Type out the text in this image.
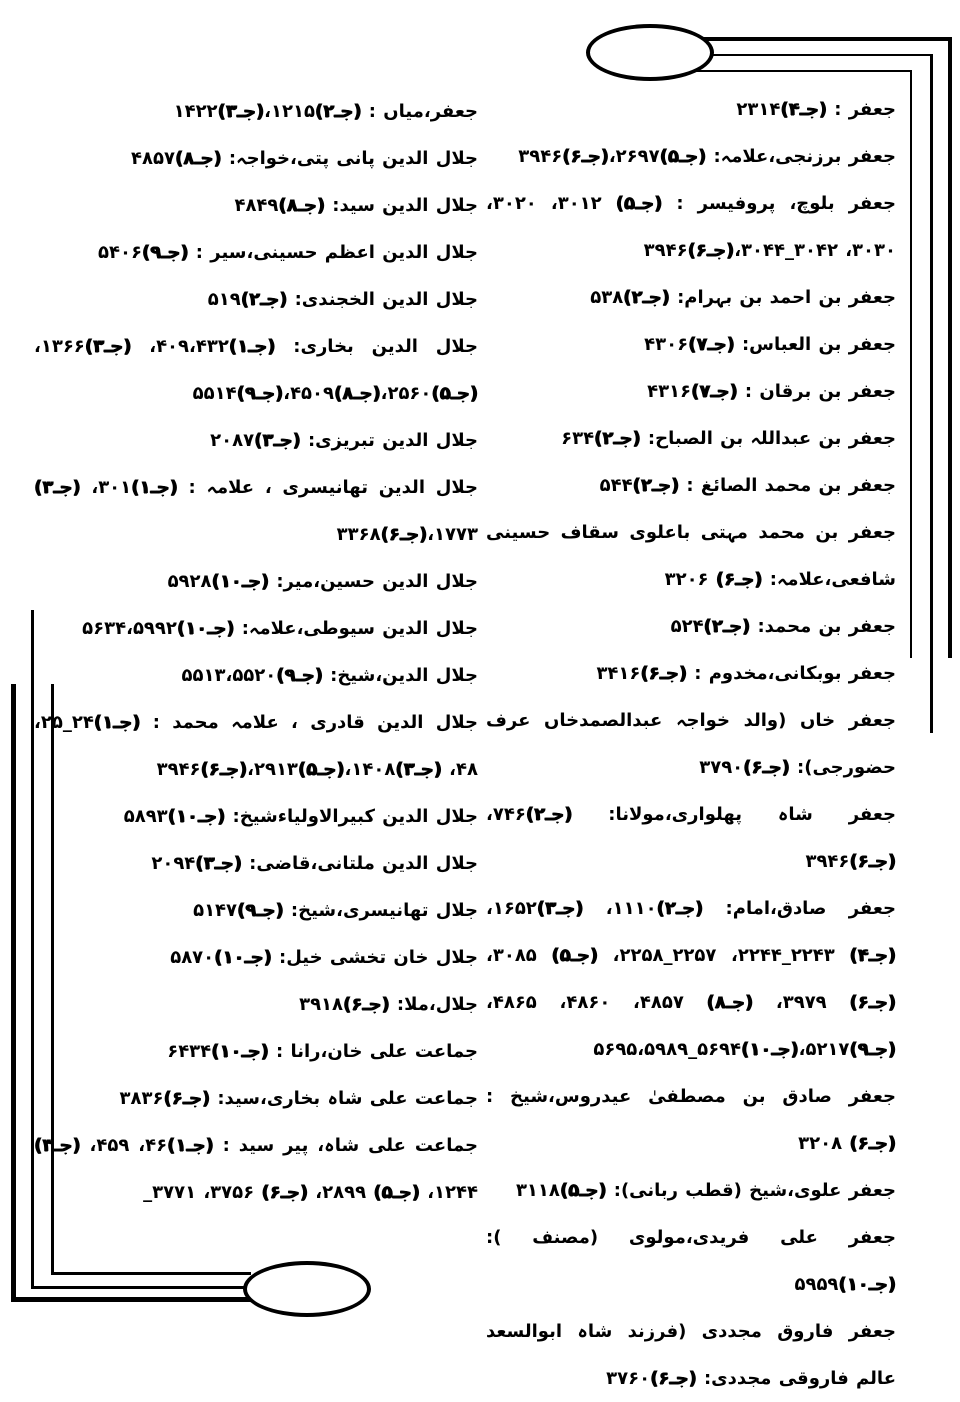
جعفر : (جـ۴)۲۳۱۴

جعفر برزنجی،علامہ: (جـ۵)۲۶۹۷،(جـ۶)۳۹۴۶

جعفر بلوچ، پروفیسر : (جـ۵) ۳۰۱۲، ۳۰۲۰، ۳۰۳۰، ۳۰۴۲_۳۰۴۴،(جـ۶)۳۹۴۶

جعفر بن احمد بن بہرام: (جـ۲)۵۳۸

جعفر بن العباس: (جـ۷)۴۳۰۶

جعفر بن برقان : (جـ۷)۴۳۱۶

جعفر بن عبداللہ بن الصباح: (جـ۲)۶۳۴

جعفر بن محمد الصائغ : (جـ۲)۵۴۴

جعفر بن محمد مہتی باعلوی سقاف حسینی شافعی،علامہ: (جـ۶) ۳۲۰۶

جعفر بن محمد: (جـ۲)۵۲۴

جعفر بوبکانی،مخدوم : (جـ۶)۳۴۱۶

جعفر خاں (والد خواجہ عبدالصمدخاں عرف حضورجی): (جـ۶)۳۷۹۰

جعفر شاہ پھلواری،مولانا: (جـ۲)۷۴۶،(جـ۶)۳۹۴۶

جعفر صادق،امام: (جـ۲)۱۱۱۰، (جـ۳)۱۶۵۲،(جـ۴) ۲۲۴۳_۲۲۴۴، ۲۲۵۷_۲۲۵۸، (جـ۵) ۳۰۸۵، (جـ۶) ۳۹۷۹، (جـ۸) ۴۸۵۷، ۴۸۶۰، ۴۸۶۵، (جـ۹)۵۲۱۷،(جـ۱۰)۵۶۹۴_۵۶۹۵،۵۹۸۹

جعفر صادق بن مصطفیٰ عیدروس،شیخ : (جـ۶) ۳۲۰۸

جعفر علوی،شیخ (قطب ربانی): (جـ۵)۳۱۱۸

جعفر علی فریدی،مولوی (مصنف ): (جـ۱۰)۵۹۵۹

جعفر فاروق مجددی (فرزند شاہ ابوالسعد عالم فاروقی مجددی: (جـ۶)۳۷۶۰

جعفر،میاں : (جـ۲)۱۲۱۵،(جـ۳)۱۴۲۲

جلال الدین پانی پتی،خواجہ: (جـ۸)۴۸۵۷

جلال الدین سید: (جـ۸)۴۸۴۹

جلال الدین اعظم حسینی،سیر : (جـ۹)۵۴۰۶

جلال الدین الخجندی: (جـ۲)۵۱۹

جلال الدین بخاری: (جـ۱)۴۰۹،۴۳۲، (جـ۳)۱۳۶۶، (جـ۵)۲۵۶۰،(جـ۸)۴۵۰۹،(جـ۹)۵۵۱۴

جلال الدین تبریزی: (جـ۳)۲۰۸۷

جلال الدین تھانیسری ، علامہ : (جـ۱)۳۰۱، (جـ۳) ۱۷۷۳،(جـ۶)۳۳۶۸

جلال الدین حسین،میر: (جـ۱۰)۵۹۲۸

جلال الدین سیوطی،علامہ: (جـ۱۰)۵۶۳۴،۵۹۹۲

جلال الدین،شیخ: (جـ۹)۵۵۱۳،۵۵۲۰

جلال الدین قادری ، علامہ محمد : (جـ۱)۲۴_۲۵، ۴۸، (جـ۳)۱۴۰۸،(جـ۵)۲۹۱۳،(جـ۶)۳۹۴۶

جلال الدین کبیرالاولیاءشیخ: (جـ۱۰)۵۸۹۳

جلال الدین ملتانی،قاضی: (جـ۳)۲۰۹۴

جلال تھانیسری،شیخ: (جـ۹)۵۱۴۷

جلال خان تخشی خیل: (جـ۱۰)۵۸۷۰

جلال،ملا: (جـ۶)۳۹۱۸

جماعت علی خان،رانا : (جـ۱۰)۶۴۳۴

جماعت علی شاہ بخاری،سید: (جـ۶)۳۸۳۶

جماعت علی شاہ، پیر سید : (جـ۱)۴۶، ۴۵۹، (جـ۳) ۱۲۴۴، (جـ۵) ۲۸۹۹، (جـ۶) ۳۷۵۶، ۳۷۷۱_
